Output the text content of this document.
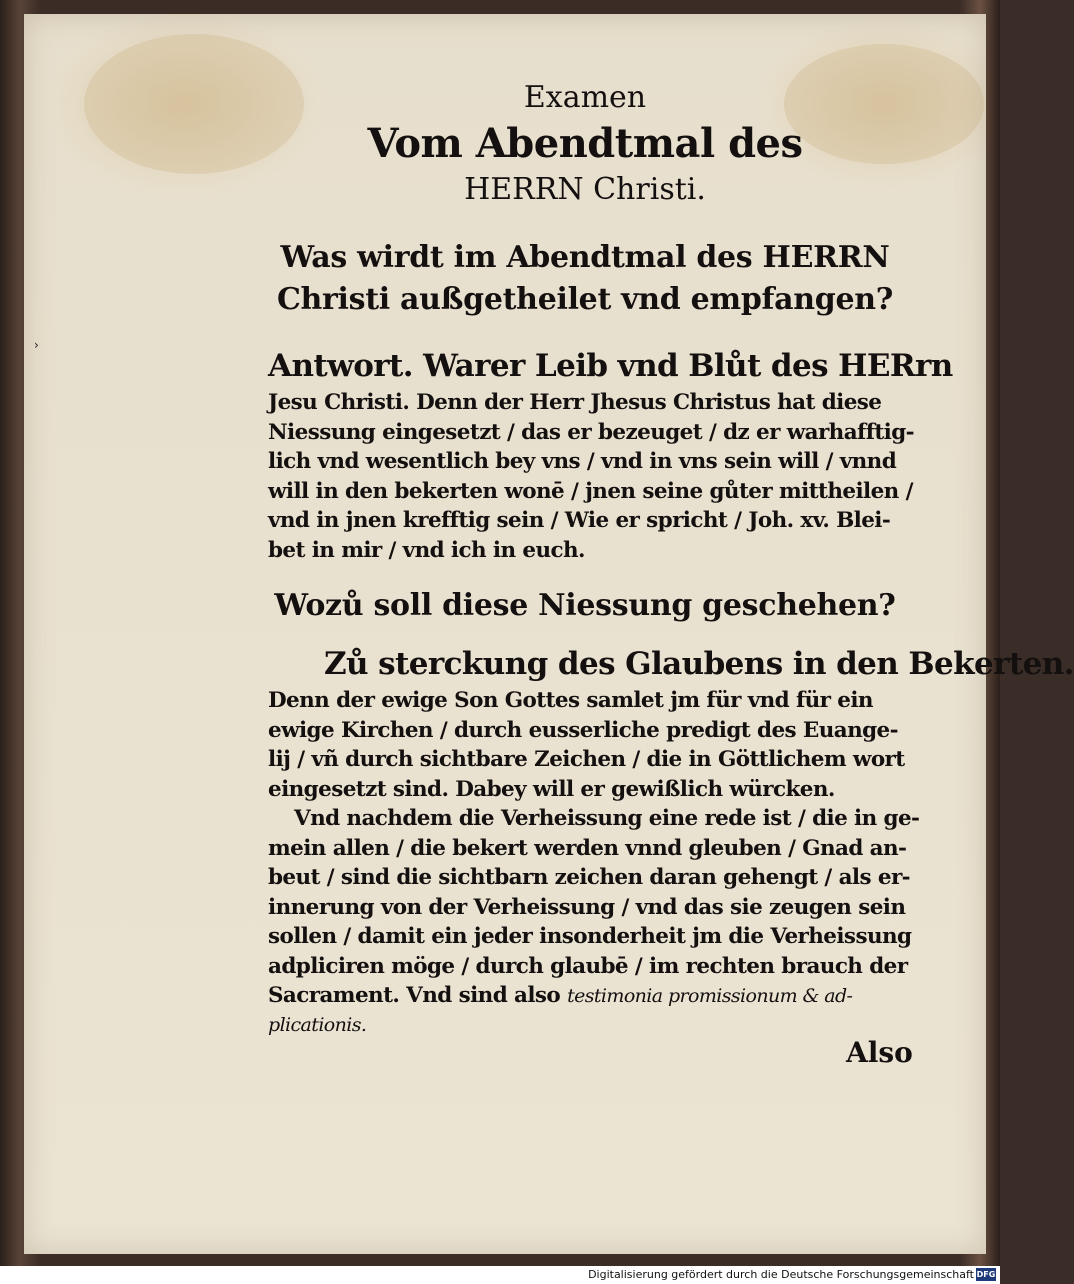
›
Examen
Vom Abendtmal des
HERRN Christi.
Was wirdt im Abendtmal des HERRN
Christi außgetheilet vnd empfangen?
Antwort. Warer Leib vnd Blůt des HERrn
Jesu Christi. Denn der Herr Jhesus Christus hat diese
Niessung eingesetzt / das er bezeuget / dz er warhafftig-
lich vnd wesentlich bey vns / vnd in vns sein will / vnnd
will in den bekerten wonē / jnen seine gůter mittheilen /
vnd in jnen krefftig sein / Wie er spricht / Joh. xv. Blei-
bet in mir / vnd ich in euch.
Wozů soll diese Niessung geschehen?
Zů sterckung des Glaubens in den Bekerten.
Denn der ewige Son Gottes samlet jm für vnd für ein
ewige Kirchen / durch eusserliche predigt des Euange-
lij / vñ durch sichtbare Zeichen / die in Göttlichem wort
eingesetzt sind. Dabey will er gewißlich würcken.
Vnd nachdem die Verheissung eine rede ist / die in ge-
mein allen / die bekert werden vnnd gleuben / Gnad an-
beut / sind die sichtbarn zeichen daran gehengt / als er-
innerung von der Verheissung / vnd das sie zeugen sein
sollen / damit ein jeder insonderheit jm die Verheissung
adpliciren möge / durch glaubē / im rechten brauch der
Sacrament. Vnd sind also testimonia promissionum & ad-
plicationis.
Also
Digitalisierung gefördert durch die Deutsche Forschungsgemeinschaft DFG
